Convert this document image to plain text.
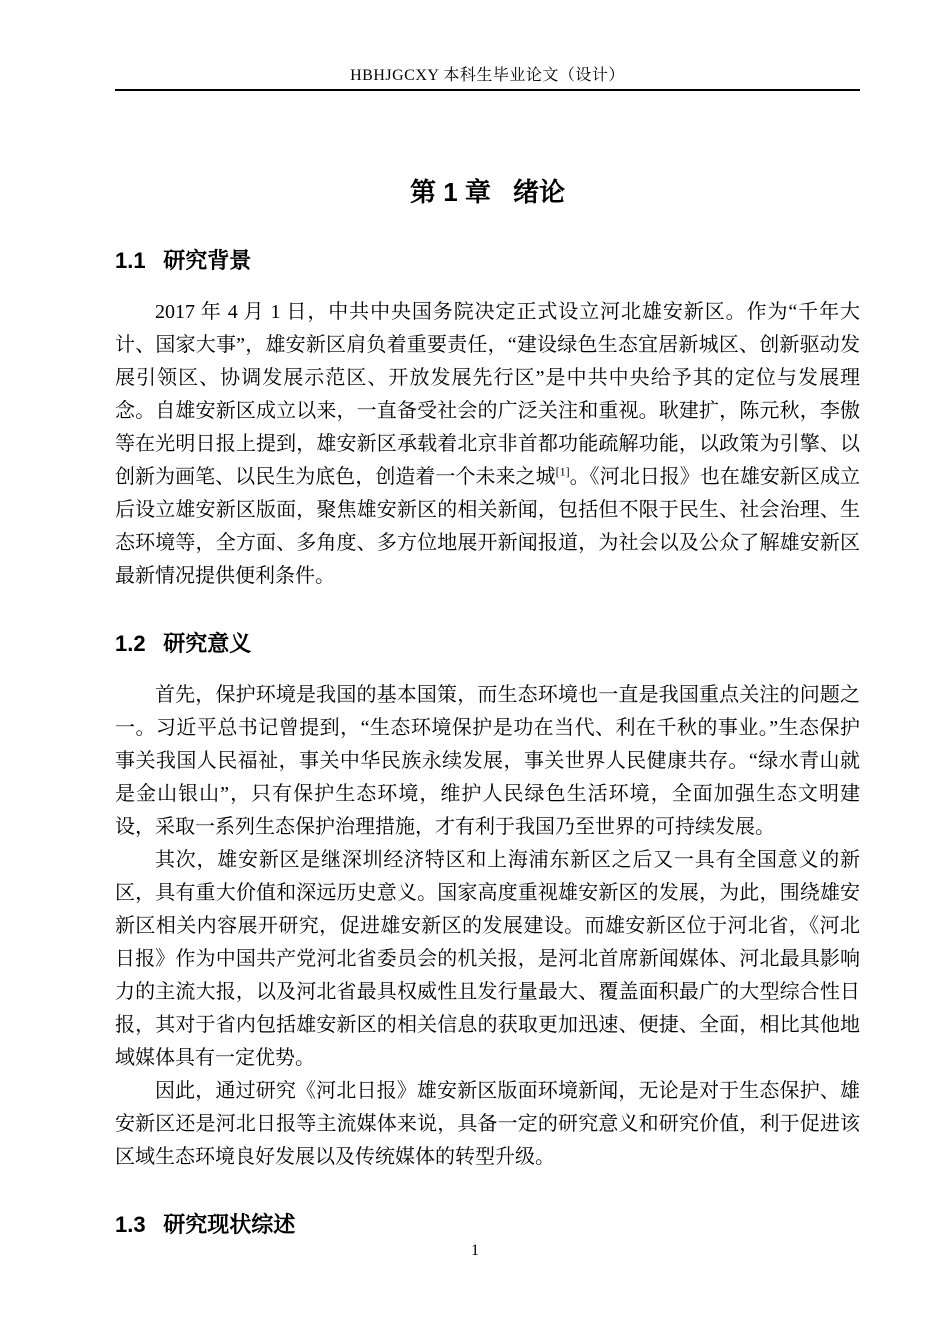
HBHJGCXY 本科生毕业论文（设计）
第 1 章 绪论
1.1 研究背景

2017 年 4 月 1 日，中共中央国务院决定正式设立河北雄安新区。作为“千年大计、国家大事”，雄安新区肩负着重要责任，“建设绿色生态宜居新城区、创新驱动发展引领区、协调发展示范区、开放发展先行区”是中共中央给予其的定位与发展理念。自雄安新区成立以来，一直备受社会的广泛关注和重视。耿建扩，陈元秋，李傲等在光明日报上提到，雄安新区承载着北京非首都功能疏解功能，以政策为引擎、以创新为画笔、以民生为底色，创造着一个未来之城[1]。《河北日报》也在雄安新区成立后设立雄安新区版面，聚焦雄安新区的相关新闻，包括但不限于民生、社会治理、生态环境等，全方面、多角度、多方位地展开新闻报道，为社会以及公众了解雄安新区最新情况提供便利条件。

1.2 研究意义

首先，保护环境是我国的基本国策，而生态环境也一直是我国重点关注的问题之一。习近平总书记曾提到，“生态环境保护是功在当代、利在千秋的事业。”生态保护事关我国人民福祉，事关中华民族永续发展，事关世界人民健康共存。“绿水青山就是金山银山”，只有保护生态环境，维护人民绿色生活环境，全面加强生态文明建设，采取一系列生态保护治理措施，才有利于我国乃至世界的可持续发展。

其次，雄安新区是继深圳经济特区和上海浦东新区之后又一具有全国意义的新区，具有重大价值和深远历史意义。国家高度重视雄安新区的发展，为此，围绕雄安新区相关内容展开研究，促进雄安新区的发展建设。而雄安新区位于河北省，《河北日报》作为中国共产党河北省委员会的机关报，是河北首席新闻媒体、河北最具影响力的主流大报，以及河北省最具权威性且发行量最大、覆盖面积最广的大型综合性日报，其对于省内包括雄安新区的相关信息的获取更加迅速、便捷、全面，相比其他地域媒体具有一定优势。

因此，通过研究《河北日报》雄安新区版面环境新闻，无论是对于生态保护、雄安新区还是河北日报等主流媒体来说，具备一定的研究意义和研究价值，利于促进该区域生态环境良好发展以及传统媒体的转型升级。

1.3 研究现状综述
1
